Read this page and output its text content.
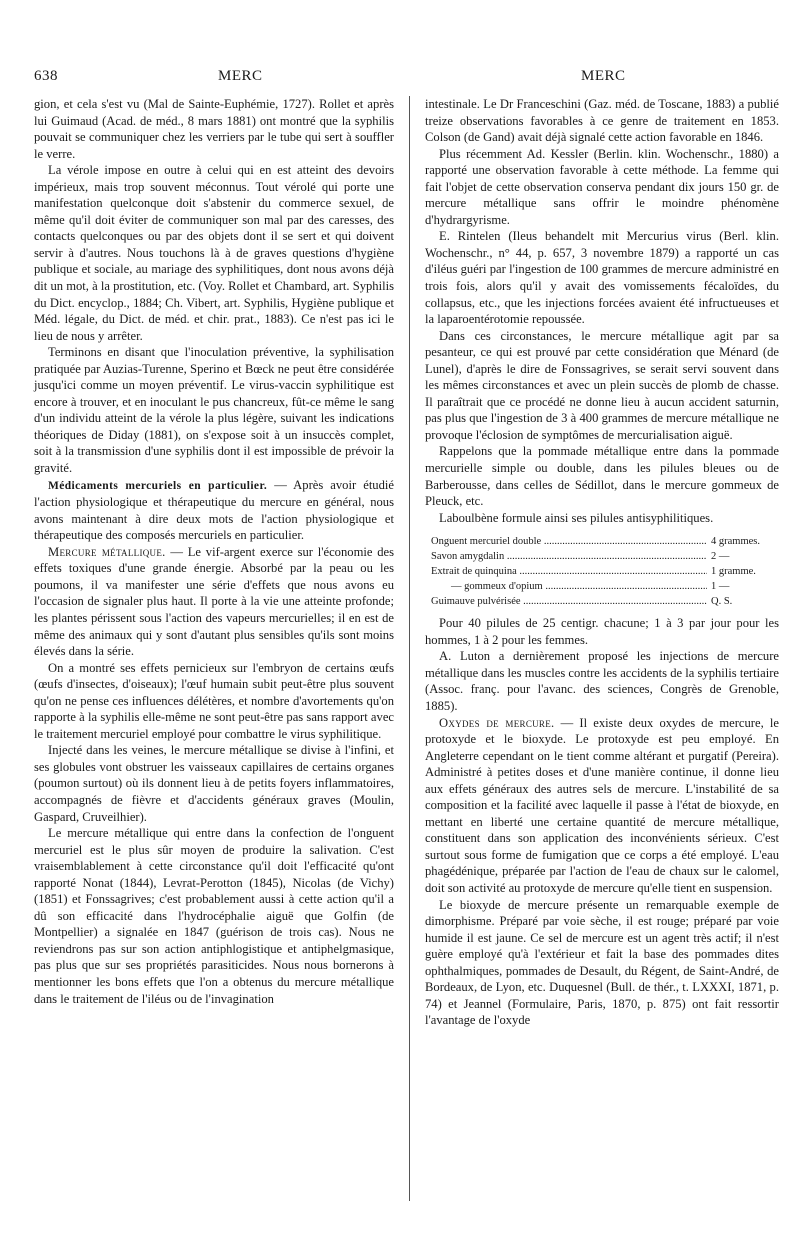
638	MERC	MERC

gion, et cela s'est vu (Mal de Sainte-Euphémie, 1727). Rollet et après lui Guimaud (Acad. de méd., 8 mars 1881) ont montré que la syphilis pouvait se communiquer chez les verriers par le tube qui sert à souffler le verre.

La vérole impose en outre à celui qui en est atteint des devoirs impérieux, mais trop souvent méconnus. Tout vérolé qui porte une manifestation quelconque doit s'abstenir du commerce sexuel, de même qu'il doit éviter de communiquer son mal par des caresses, des contacts quelconques ou par des objets dont il se sert et qui doivent servir à d'autres. Nous touchons là à de graves questions d'hygiène publique et sociale, au mariage des syphilitiques, dont nous avons déjà dit un mot, à la prostitution, etc. (Voy. Rollet et Chambard, art. Syphilis du Dict. encyclop., 1884; Ch. Vibert, art. Syphilis, Hygiène publique et Méd. légale, du Dict. de méd. et chir. prat., 1883). Ce n'est pas ici le lieu de nous y arrêter.

Terminons en disant que l'inoculation préventive, la syphilisation pratiquée par Auzias-Turenne, Sperino et Bœck ne peut être considérée jusqu'ici comme un moyen préventif. Le virus-vaccin syphilitique est encore à trouver, et en inoculant le pus chancreux, fût-ce même le sang d'un individu atteint de la vérole la plus légère, suivant les indications théoriques de Diday (1881), on s'expose soit à un insuccès complet, soit à la transmission d'une syphilis dont il est impossible de prévoir la gravité.

Médicaments mercuriels en particulier. — Après avoir étudié l'action physiologique et thérapeutique du mercure en général, nous avons maintenant à dire deux mots de l'action physiologique et thérapeutique des composés mercuriels en particulier.

Mercure métallique. — Le vif-argent exerce sur l'économie des effets toxiques d'une grande énergie. Absorbé par la peau ou les poumons, il va manifester une série d'effets que nous avons eu l'occasion de signaler plus haut. Il porte à la vie une atteinte profonde; les plantes périssent sous l'action des vapeurs mercurielles; il en est de même des animaux qui y sont d'autant plus sensibles qu'ils sont moins élevés dans la série.

On a montré ses effets pernicieux sur l'embryon de certains œufs (œufs d'insectes, d'oiseaux); l'œuf humain subit peut-être plus souvent qu'on ne pense ces influences délétères, et nombre d'avortements qu'on rapporte à la syphilis elle-même ne sont peut-être pas sans rapport avec le traitement mercuriel employé pour combattre le virus syphilitique.

Injecté dans les veines, le mercure métallique se divise à l'infini, et ses globules vont obstruer les vaisseaux capillaires de certains organes (poumon surtout) où ils donnent lieu à de petits foyers inflammatoires, accompagnés de fièvre et d'accidents généraux graves (Moulin, Gaspard, Cruveilhier).

Le mercure métallique qui entre dans la confection de l'onguent mercuriel est le plus sûr moyen de produire la salivation. C'est vraisemblablement à cette circonstance qu'il doit l'efficacité qu'ont rapporté Nonat (1844), Levrat-Perotton (1845), Nicolas (de Vichy) (1851) et Fonssagrives; c'est probablement aussi à cette action qu'il a dû son efficacité dans l'hydrocéphalie aiguë que Golfin (de Montpellier) a signalée en 1847 (guérison de trois cas). Nous ne reviendrons pas sur son action antiphlogistique et antiphelgmasique, pas plus que sur ses propriétés parasiticides. Nous nous bornerons à mentionner les bons effets que l'on a obtenus du mercure métallique dans le traitement de l'iléus ou de l'invagination

intestinale. Le Dr Franceschini (Gaz. méd. de Toscane, 1883) a publié treize observations favorables à ce genre de traitement en 1853. Colson (de Gand) avait déjà signalé cette action favorable en 1846.

Plus récemment Ad. Kessler (Berlin. klin. Wochenschr., 1880) a rapporté une observation favorable à cette méthode. La femme qui fait l'objet de cette observation conserva pendant dix jours 150 gr. de mercure métallique sans offrir le moindre phénomène d'hydrargyrisme.

E. Rintelen (Ileus behandelt mit Mercurius virus (Berl. klin. Wochenschr., n° 44, p. 657, 3 novembre 1879) a rapporté un cas d'iléus guéri par l'ingestion de 100 grammes de mercure administré en trois fois, alors qu'il y avait des vomissements fécaloïdes, du collapsus, etc., que les injections forcées avaient été infructueuses et la laparoentérotomie repoussée.

Dans ces circonstances, le mercure métallique agit par sa pesanteur, ce qui est prouvé par cette considération que Ménard (de Lunel), d'après le dire de Fonssagrives, se serait servi souvent dans les mêmes circonstances et avec un plein succès de plomb de chasse. Il paraîtrait que ce procédé ne donne lieu à aucun accident saturnin, pas plus que l'ingestion de 3 à 400 grammes de mercure métallique ne provoque l'éclosion de symptômes de mercurialisation aiguë.

Rappelons que la pommade métallique entre dans la pommade mercurielle simple ou double, dans les pilules bleues ou de Barberousse, dans celles de Sédillot, dans le mercure gommeux de Pleuck, etc.

Laboulbène formule ainsi ses pilules antisyphilitiques.

Onguent mercuriel double .....	4 grammes.
Savon amygdalin .....	2 —
Extrait de quinquina .....	1 gramme.
— gommeux d'opium .....	1 —
Guimauve pulvérisée .....	Q. S.

Pour 40 pilules de 25 centigr. chacune; 1 à 3 par jour pour les hommes, 1 à 2 pour les femmes.

A. Luton a dernièrement proposé les injections de mercure métallique dans les muscles contre les accidents de la syphilis tertiaire (Assoc. franç. pour l'avanc. des sciences, Congrès de Grenoble, 1885).

Oxydes de mercure. — Il existe deux oxydes de mercure, le protoxyde et le bioxyde. Le protoxyde est peu employé. En Angleterre cependant on le tient comme altérant et purgatif (Pereira). Administré à petites doses et d'une manière continue, il donne lieu aux effets généraux des autres sels de mercure. L'instabilité de sa composition et la facilité avec laquelle il passe à l'état de bioxyde, en mettant en liberté une certaine quantité de mercure métallique, constituent dans son application des inconvénients sérieux. C'est surtout sous forme de fumigation que ce corps a été employé. L'eau phagédénique, préparée par l'action de l'eau de chaux sur le calomel, doit son activité au protoxyde de mercure qu'elle tient en suspension.

Le bioxyde de mercure présente un remarquable exemple de dimorphisme. Préparé par voie sèche, il est rouge; préparé par voie humide il est jaune. Ce sel de mercure est un agent très actif; il n'est guère employé qu'à l'extérieur et fait la base des pommades dites ophthalmiques, pommades de Desault, du Régent, de Saint-André, de Bordeaux, de Lyon, etc. Duquesnel (Bull. de thér., t. LXXXI, 1871, p. 74) et Jeannel (Formulaire, Paris, 1870, p. 875) ont fait ressortir l'avantage de l'oxyde
